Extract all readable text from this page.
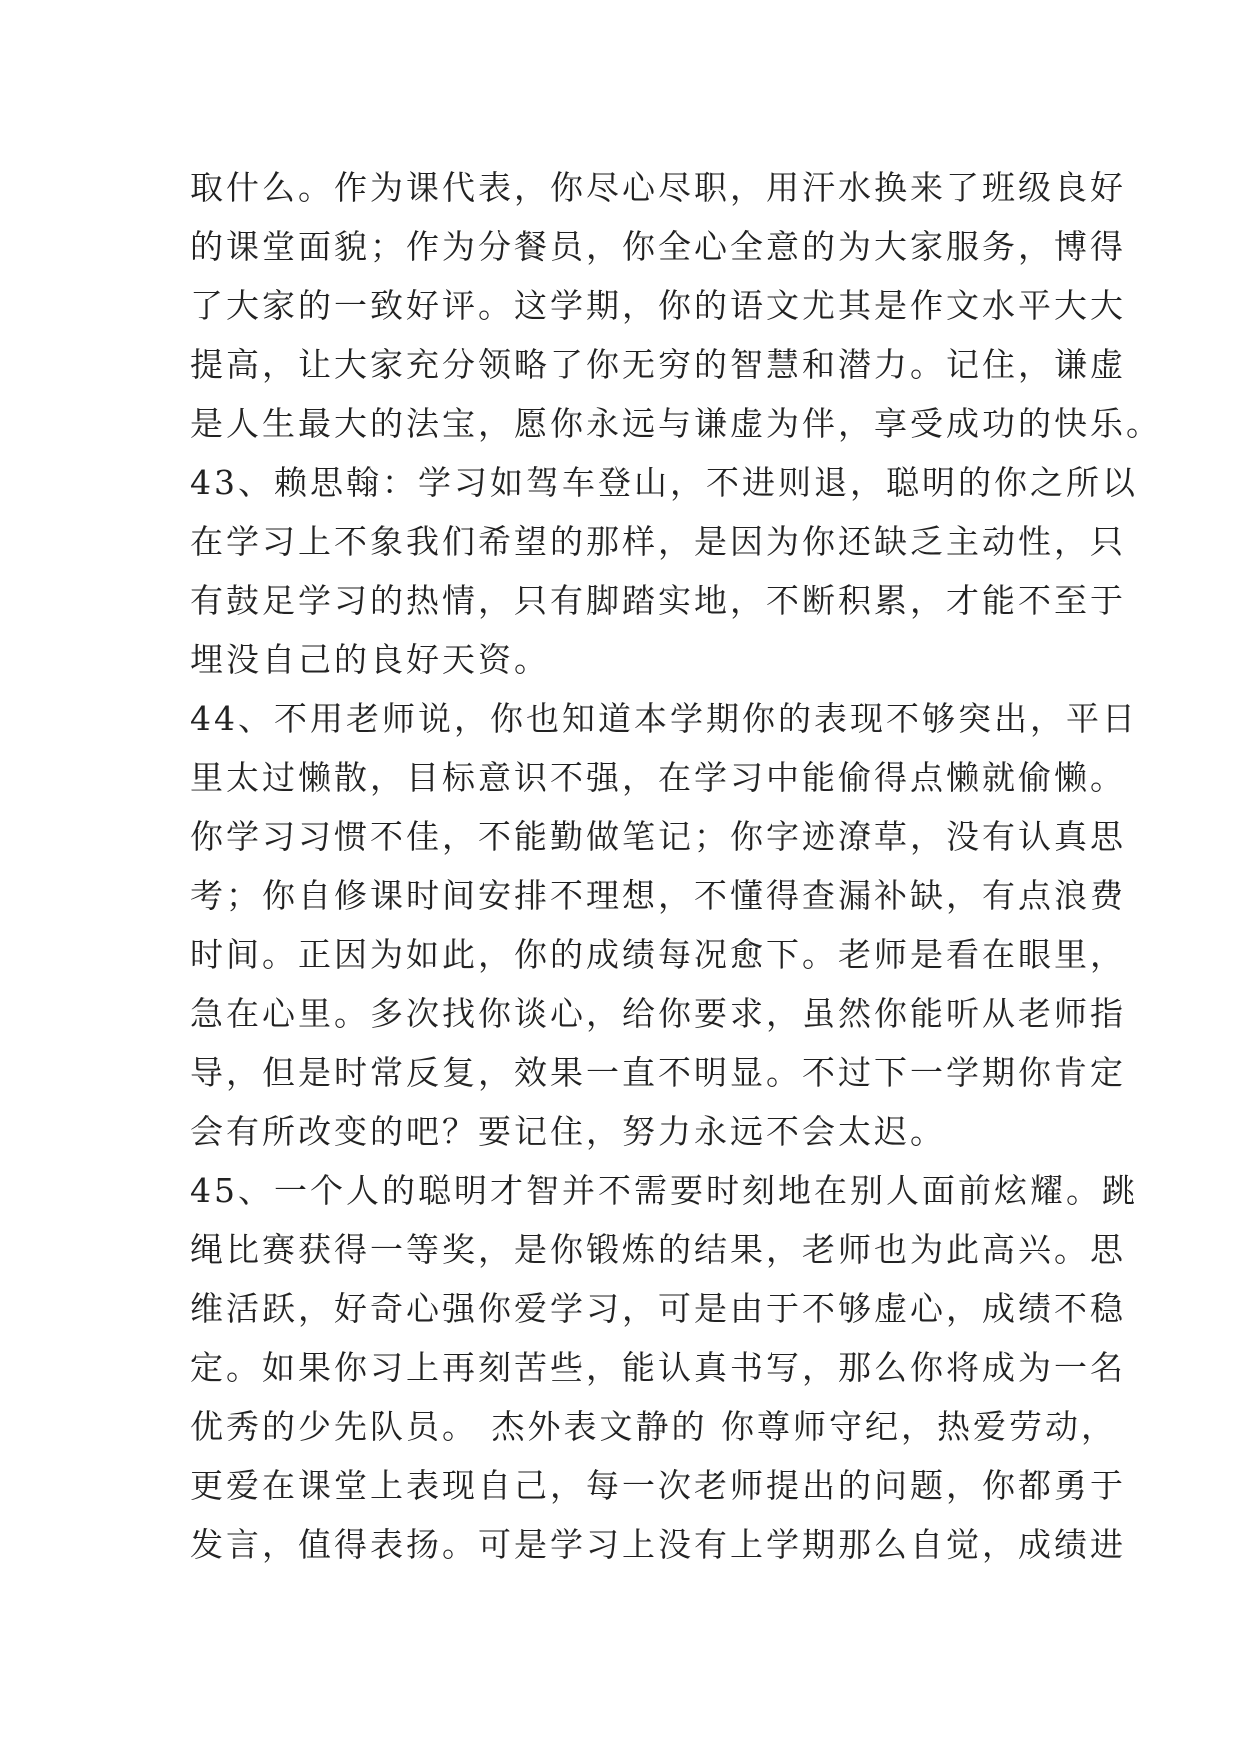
取什么。作为课代表，你尽心尽职，用汗水换来了班级良好
的课堂面貌；作为分餐员，你全心全意的为大家服务，博得
了大家的一致好评。这学期，你的语文尤其是作文水平大大
提高，让大家充分领略了你无穷的智慧和潜力。记住，谦虚
是人生最大的法宝，愿你永远与谦虚为伴，享受成功的快乐。
43、赖思翰：学习如驾车登山，不进则退，聪明的你之所以
在学习上不象我们希望的那样，是因为你还缺乏主动性，只
有鼓足学习的热情，只有脚踏实地，不断积累，才能不至于
埋没自己的良好天资。
44、不用老师说，你也知道本学期你的表现不够突出，平日
里太过懒散，目标意识不强，在学习中能偷得点懒就偷懒。
你学习习惯不佳，不能勤做笔记；你字迹潦草，没有认真思
考；你自修课时间安排不理想，不懂得查漏补缺，有点浪费
时间。正因为如此，你的成绩每况愈下。老师是看在眼里，
急在心里。多次找你谈心，给你要求，虽然你能听从老师指
导，但是时常反复，效果一直不明显。不过下一学期你肯定
会有所改变的吧？要记住，努力永远不会太迟。
45、一个人的聪明才智并不需要时刻地在别人面前炫耀。跳
绳比赛获得一等奖，是你锻炼的结果，老师也为此高兴。思
维活跃，好奇心强你爱学习，可是由于不够虚心，成绩不稳
定。如果你习上再刻苦些，能认真书写，那么你将成为一名
优秀的少先队员。 杰外表文静的 你尊师守纪，热爱劳动，
更爱在课堂上表现自己，每一次老师提出的问题，你都勇于
发言，值得表扬。可是学习上没有上学期那么自觉，成绩进
